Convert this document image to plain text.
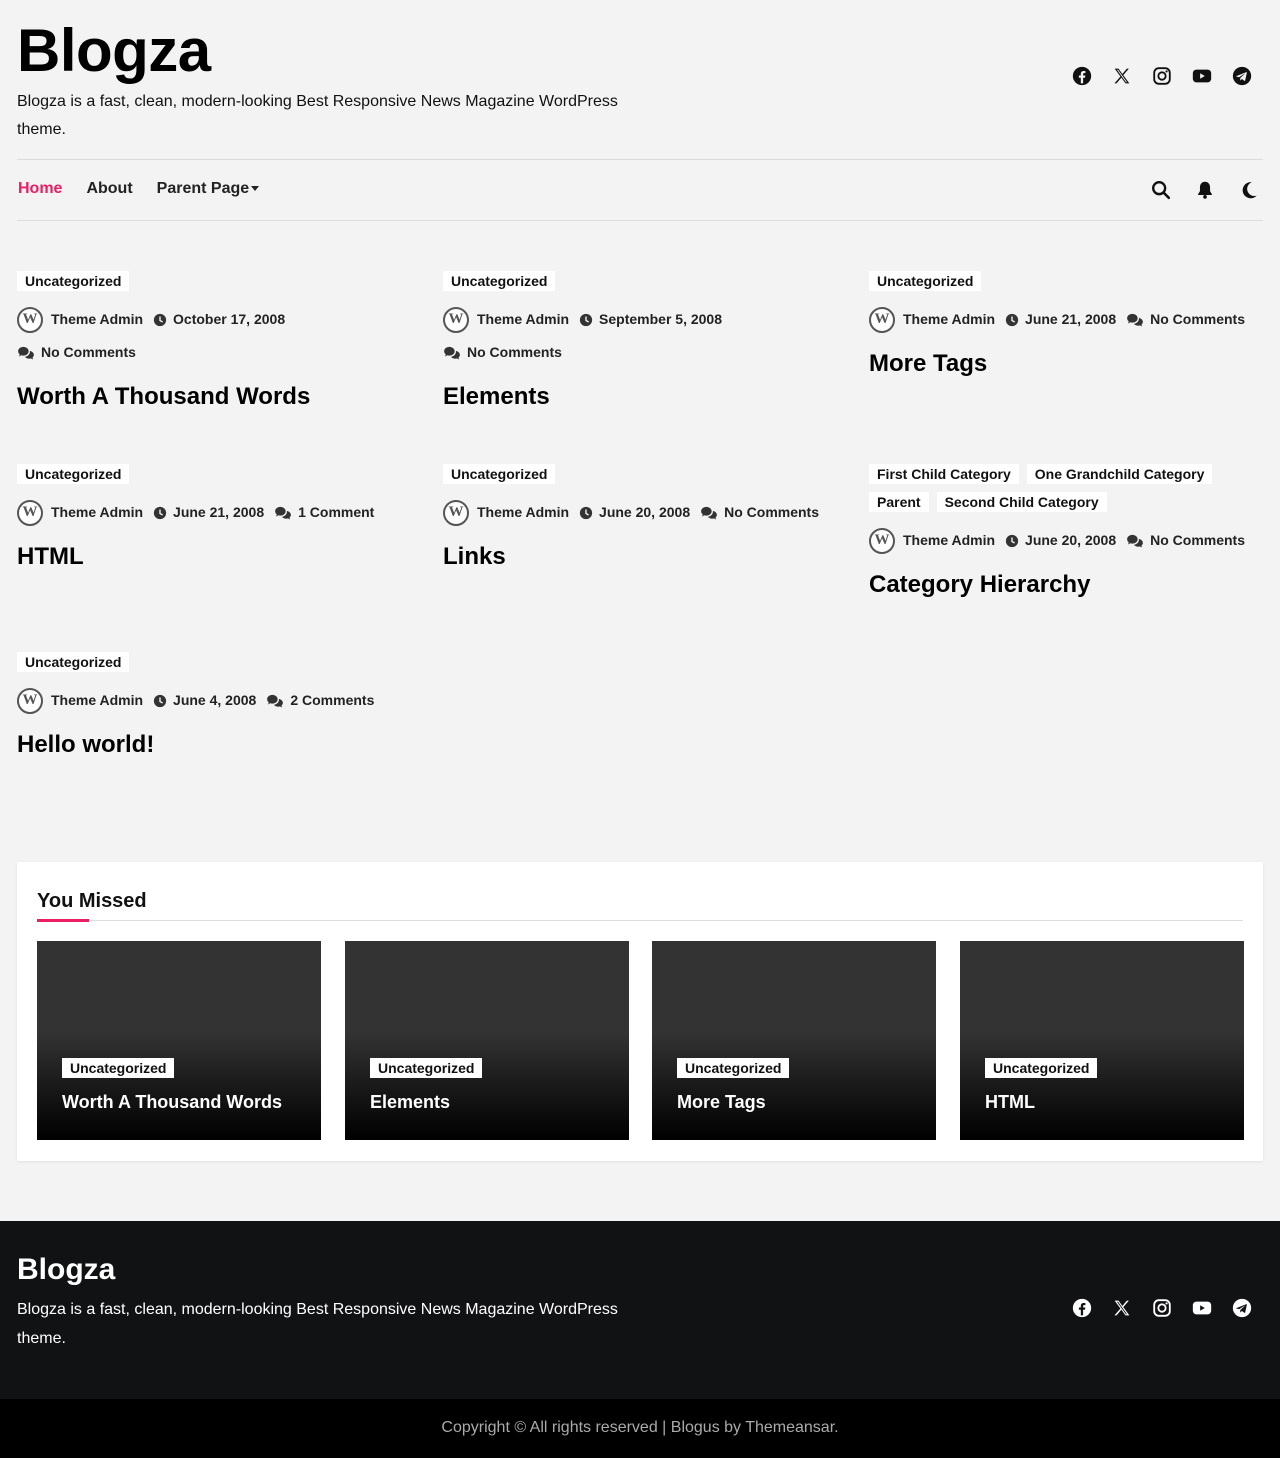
Blogza

Blogza is a fast, clean, modern-looking Best Responsive News Magazine WordPress theme.

Home About Parent Page
Uncategorized
W Theme Admin October 17, 2008
No Comments
Worth A Thousand Words
Uncategorized
W Theme Admin September 5, 2008
No Comments
Elements
Uncategorized
W Theme Admin June 21, 2008 No Comments
More Tags
Uncategorized
W Theme Admin June 21, 2008 1 Comment
HTML
Uncategorized
W Theme Admin June 20, 2008 No Comments
Links
First Child Category	One Grandchild Category
Parent	Second Child Category
W Theme Admin June 20, 2008 No Comments
Category Hierarchy
Uncategorized
W Theme Admin June 4, 2008 2 Comments
Hello world!
You Missed
Uncategorized
Worth A Thousand Words
Uncategorized
Elements
Uncategorized
More Tags
Uncategorized
HTML
Blogza

Blogza is a fast, clean, modern-looking Best Responsive News Magazine WordPress theme.

Copyright © All rights reserved | Blogus by Themeansar.
